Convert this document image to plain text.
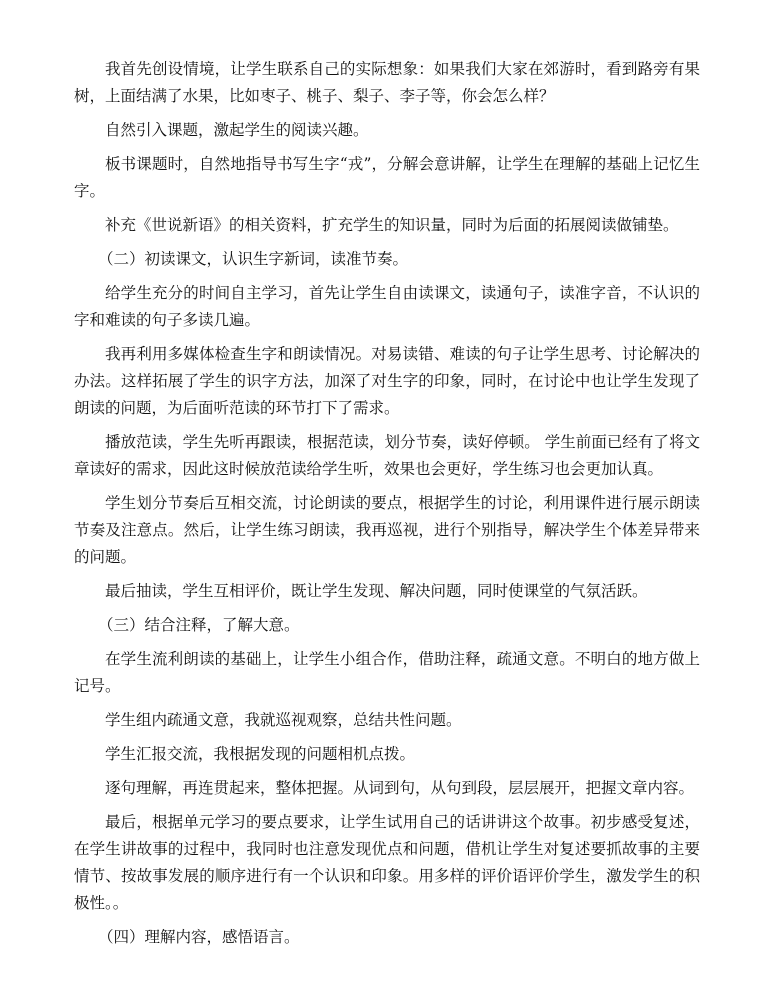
我首先创设情境，让学生联系自己的实际想象：如果我们大家在郊游时，看到路旁有果树，上面结满了水果，比如枣子、桃子、梨子、李子等，你会怎么样？

自然引入课题，激起学生的阅读兴趣。

板书课题时，自然地指导书写生字“戎”，分解会意讲解，让学生在理解的基础上记忆生字。

补充《世说新语》的相关资料，扩充学生的知识量，同时为后面的拓展阅读做铺垫。

（二）初读课文，认识生字新词，读准节奏。

给学生充分的时间自主学习，首先让学生自由读课文，读通句子，读准字音，不认识的字和难读的句子多读几遍。

我再利用多媒体检查生字和朗读情况。对易读错、难读的句子让学生思考、讨论解决的办法。这样拓展了学生的识字方法，加深了对生字的印象，同时，在讨论中也让学生发现了朗读的问题，为后面听范读的环节打下了需求。

播放范读，学生先听再跟读，根据范读，划分节奏，读好停顿。 学生前面已经有了将文章读好的需求，因此这时候放范读给学生听，效果也会更好，学生练习也会更加认真。

学生划分节奏后互相交流，讨论朗读的要点，根据学生的讨论，利用课件进行展示朗读节奏及注意点。然后，让学生练习朗读，我再巡视，进行个别指导，解决学生个体差异带来的问题。

最后抽读，学生互相评价，既让学生发现、解决问题，同时使课堂的气氛活跃。

（三）结合注释，了解大意。

在学生流利朗读的基础上，让学生小组合作，借助注释，疏通文意。不明白的地方做上记号。

学生组内疏通文意，我就巡视观察，总结共性问题。

学生汇报交流，我根据发现的问题相机点拨。

逐句理解，再连贯起来，整体把握。从词到句，从句到段，层层展开，把握文章内容。

最后，根据单元学习的要点要求，让学生试用自己的话讲讲这个故事。初步感受复述，在学生讲故事的过程中，我同时也注意发现优点和问题，借机让学生对复述要抓故事的主要情节、按故事发展的顺序进行有一个认识和印象。用多样的评价语评价学生，激发学生的积极性。。

（四）理解内容，感悟语言。
